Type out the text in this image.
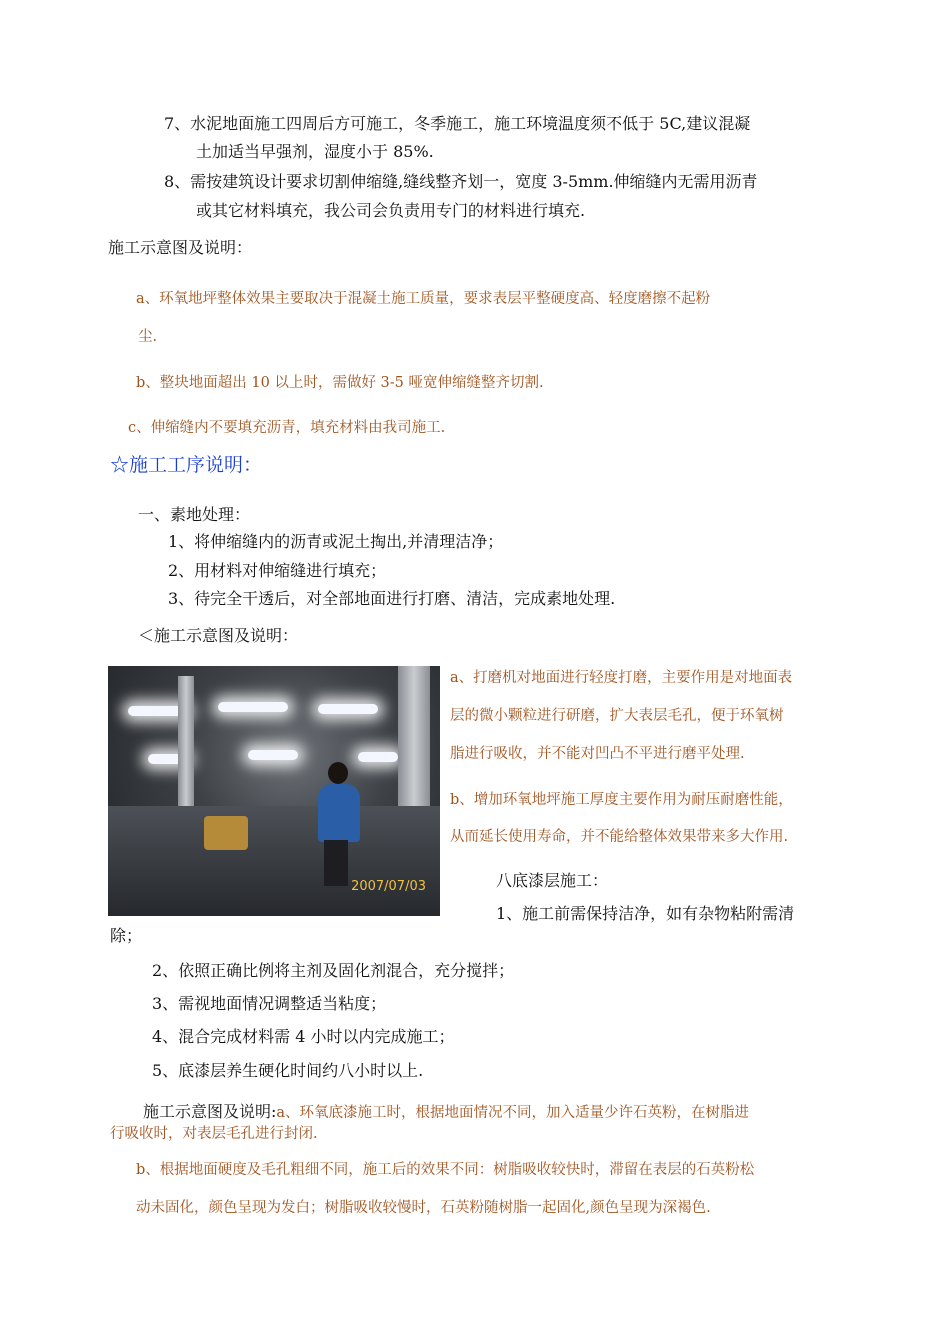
7、水泥地面施工四周后方可施工，冬季施工，施工环境温度须不低于 5C,建议混凝
土加适当早强剂，湿度小于 85%.
8、需按建筑设计要求切割伸缩缝,缝线整齐划一，宽度 3-5mm.伸缩缝内无需用沥青
或其它材料填充，我公司会负责用专门的材料进行填充.
施工示意图及说明：
a、环氧地坪整体效果主要取决于混凝土施工质量，要求表层平整硬度高、轻度磨擦不起粉
尘.
b、整块地面超出 10 以上时，需做好 3-5 哑宽伸缩缝整齐切割.
c、伸缩缝内不要填充沥青，填充材料由我司施工.
☆施工工序说明：
一、素地处理：
1、将伸缩缝内的沥青或泥土掏出,并清理洁净；
2、用材料对伸缩缝进行填充；
3、待完全干透后，对全部地面进行打磨、清洁，完成素地处理.
＜施工示意图及说明：
2007/07/03
a、打磨机对地面进行轻度打磨，主要作用是对地面表
层的微小颗粒进行研磨，扩大表层毛孔，便于环氧树
脂进行吸收，并不能对凹凸不平进行磨平处理.
b、增加环氧地坪施工厚度主要作用为耐压耐磨性能，
从而延长使用寿命，并不能给整体效果带来多大作用.
八底漆层施工：
1、施工前需保持洁净，如有杂物粘附需清
除；
2、依照正确比例将主剂及固化剂混合，充分搅拌；
3、需视地面情况调整适当粘度；
4、混合完成材料需 4 小时以内完成施工；
5、底漆层养生硬化时间约八小时以上.
施工示意图及说明:a、环氧底漆施工时，根据地面情况不同，加入适量少许石英粉，在树脂进
行吸收时，对表层毛孔进行封闭.
b、根据地面硬度及毛孔粗细不同，施工后的效果不同：树脂吸收较快时，滞留在表层的石英粉松
动未固化，颜色呈现为发白；树脂吸收较慢时，石英粉随树脂一起固化,颜色呈现为深褐色.
